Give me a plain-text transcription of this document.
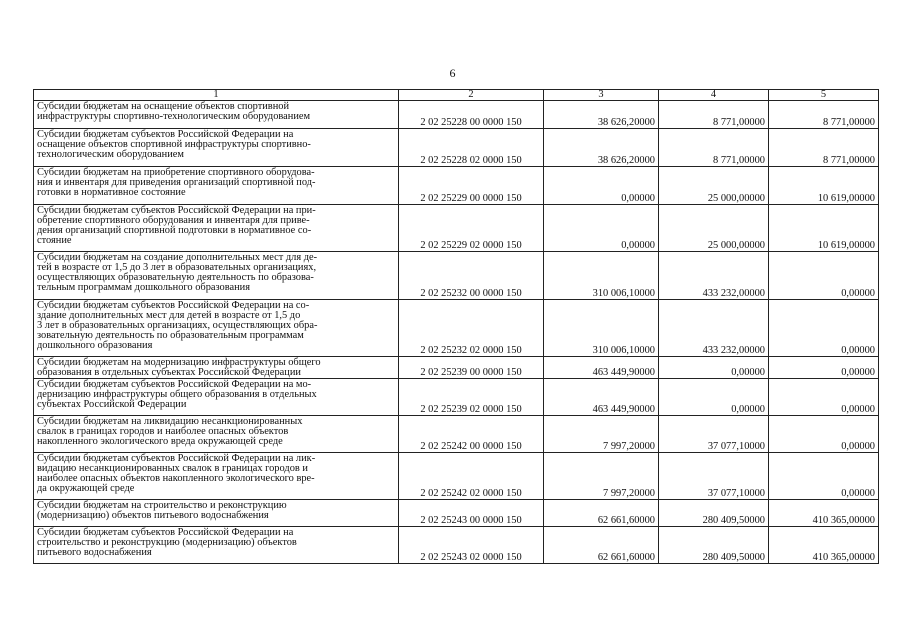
6
1	2	3	4	5

Субсидии бюджетам на оснащение объектов спортивной
инфраструктуры спортивно-технологическим оборудованием	2 02 25228 00 0000 150	38 626,20000	8 771,00000	8 771,00000

Субсидии бюджетам субъектов Российской Федерации на
оснащение объектов спортивной инфраструктуры спортивно-
технологическим оборудованием	2 02 25228 02 0000 150	38 626,20000	8 771,00000	8 771,00000

Субсидии бюджетам на приобретение спортивного оборудова-
ния и инвентаря для приведения организаций спортивной под-
готовки в нормативное состояние	2 02 25229 00 0000 150	0,00000	25 000,00000	10 619,00000

Субсидии бюджетам субъектов Российской Федерации на при-
обретение спортивного оборудования и инвентаря для приве-
дения организаций спортивной подготовки в нормативное со-
стояние	2 02 25229 02 0000 150	0,00000	25 000,00000	10 619,00000

Субсидии бюджетам на создание дополнительных мест для де-
тей в возрасте от 1,5 до 3 лет в образовательных организациях,
осуществляющих образовательную деятельность по образова-
тельным программам дошкольного образования	2 02 25232 00 0000 150	310 006,10000	433 232,00000	0,00000

Субсидии бюджетам субъектов Российской Федерации на со-
здание дополнительных мест для детей в возрасте от 1,5 до
3 лет в образовательных организациях, осуществляющих обра-
зовательную деятельность по образовательным программам
дошкольного образования	2 02 25232 02 0000 150	310 006,10000	433 232,00000	0,00000

Субсидии бюджетам на модернизацию инфраструктуры общего
образования в отдельных субъектах Российской Федерации	2 02 25239 00 0000 150	463 449,90000	0,00000	0,00000

Субсидии бюджетам субъектов Российской Федерации на мо-
дернизацию инфраструктуры общего образования в отдельных
субъектах Российской Федерации	2 02 25239 02 0000 150	463 449,90000	0,00000	0,00000

Субсидии бюджетам на ликвидацию несанкционированных
свалок в границах городов и наиболее опасных объектов
накопленного экологического вреда окружающей среде	2 02 25242 00 0000 150	7 997,20000	37 077,10000	0,00000

Субсидии бюджетам субъектов Российской Федерации на лик-
видацию несанкционированных свалок в границах городов и
наиболее опасных объектов накопленного экологического вре-
да окружающей среде	2 02 25242 02 0000 150	7 997,20000	37 077,10000	0,00000

Субсидии бюджетам на строительство и реконструкцию
(модернизацию) объектов питьевого водоснабжения	2 02 25243 00 0000 150	62 661,60000	280 409,50000	410 365,00000

Субсидии бюджетам субъектов Российской Федерации на
строительство и реконструкцию (модернизацию) объектов
питьевого водоснабжения	2 02 25243 02 0000 150	62 661,60000	280 409,50000	410 365,00000
